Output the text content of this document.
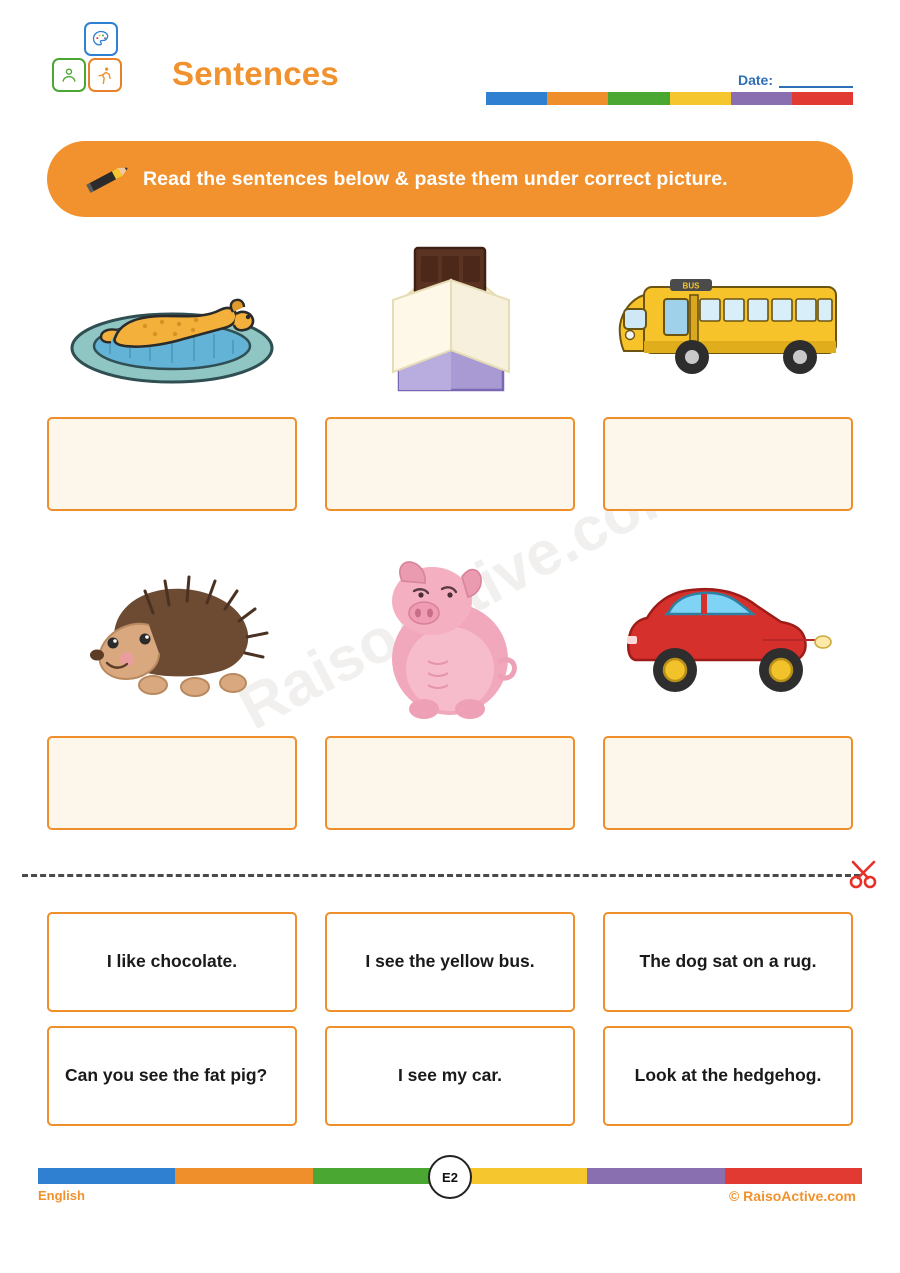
Sentences	Date:
Read the sentences below & paste them under correct picture.
BUS
I like chocolate.	I see the yellow bus.	The dog sat on a rug.
Can you see the fat pig?	I see my car.	Look at the hedgehog.
E2
English	© RaisoActive.com
